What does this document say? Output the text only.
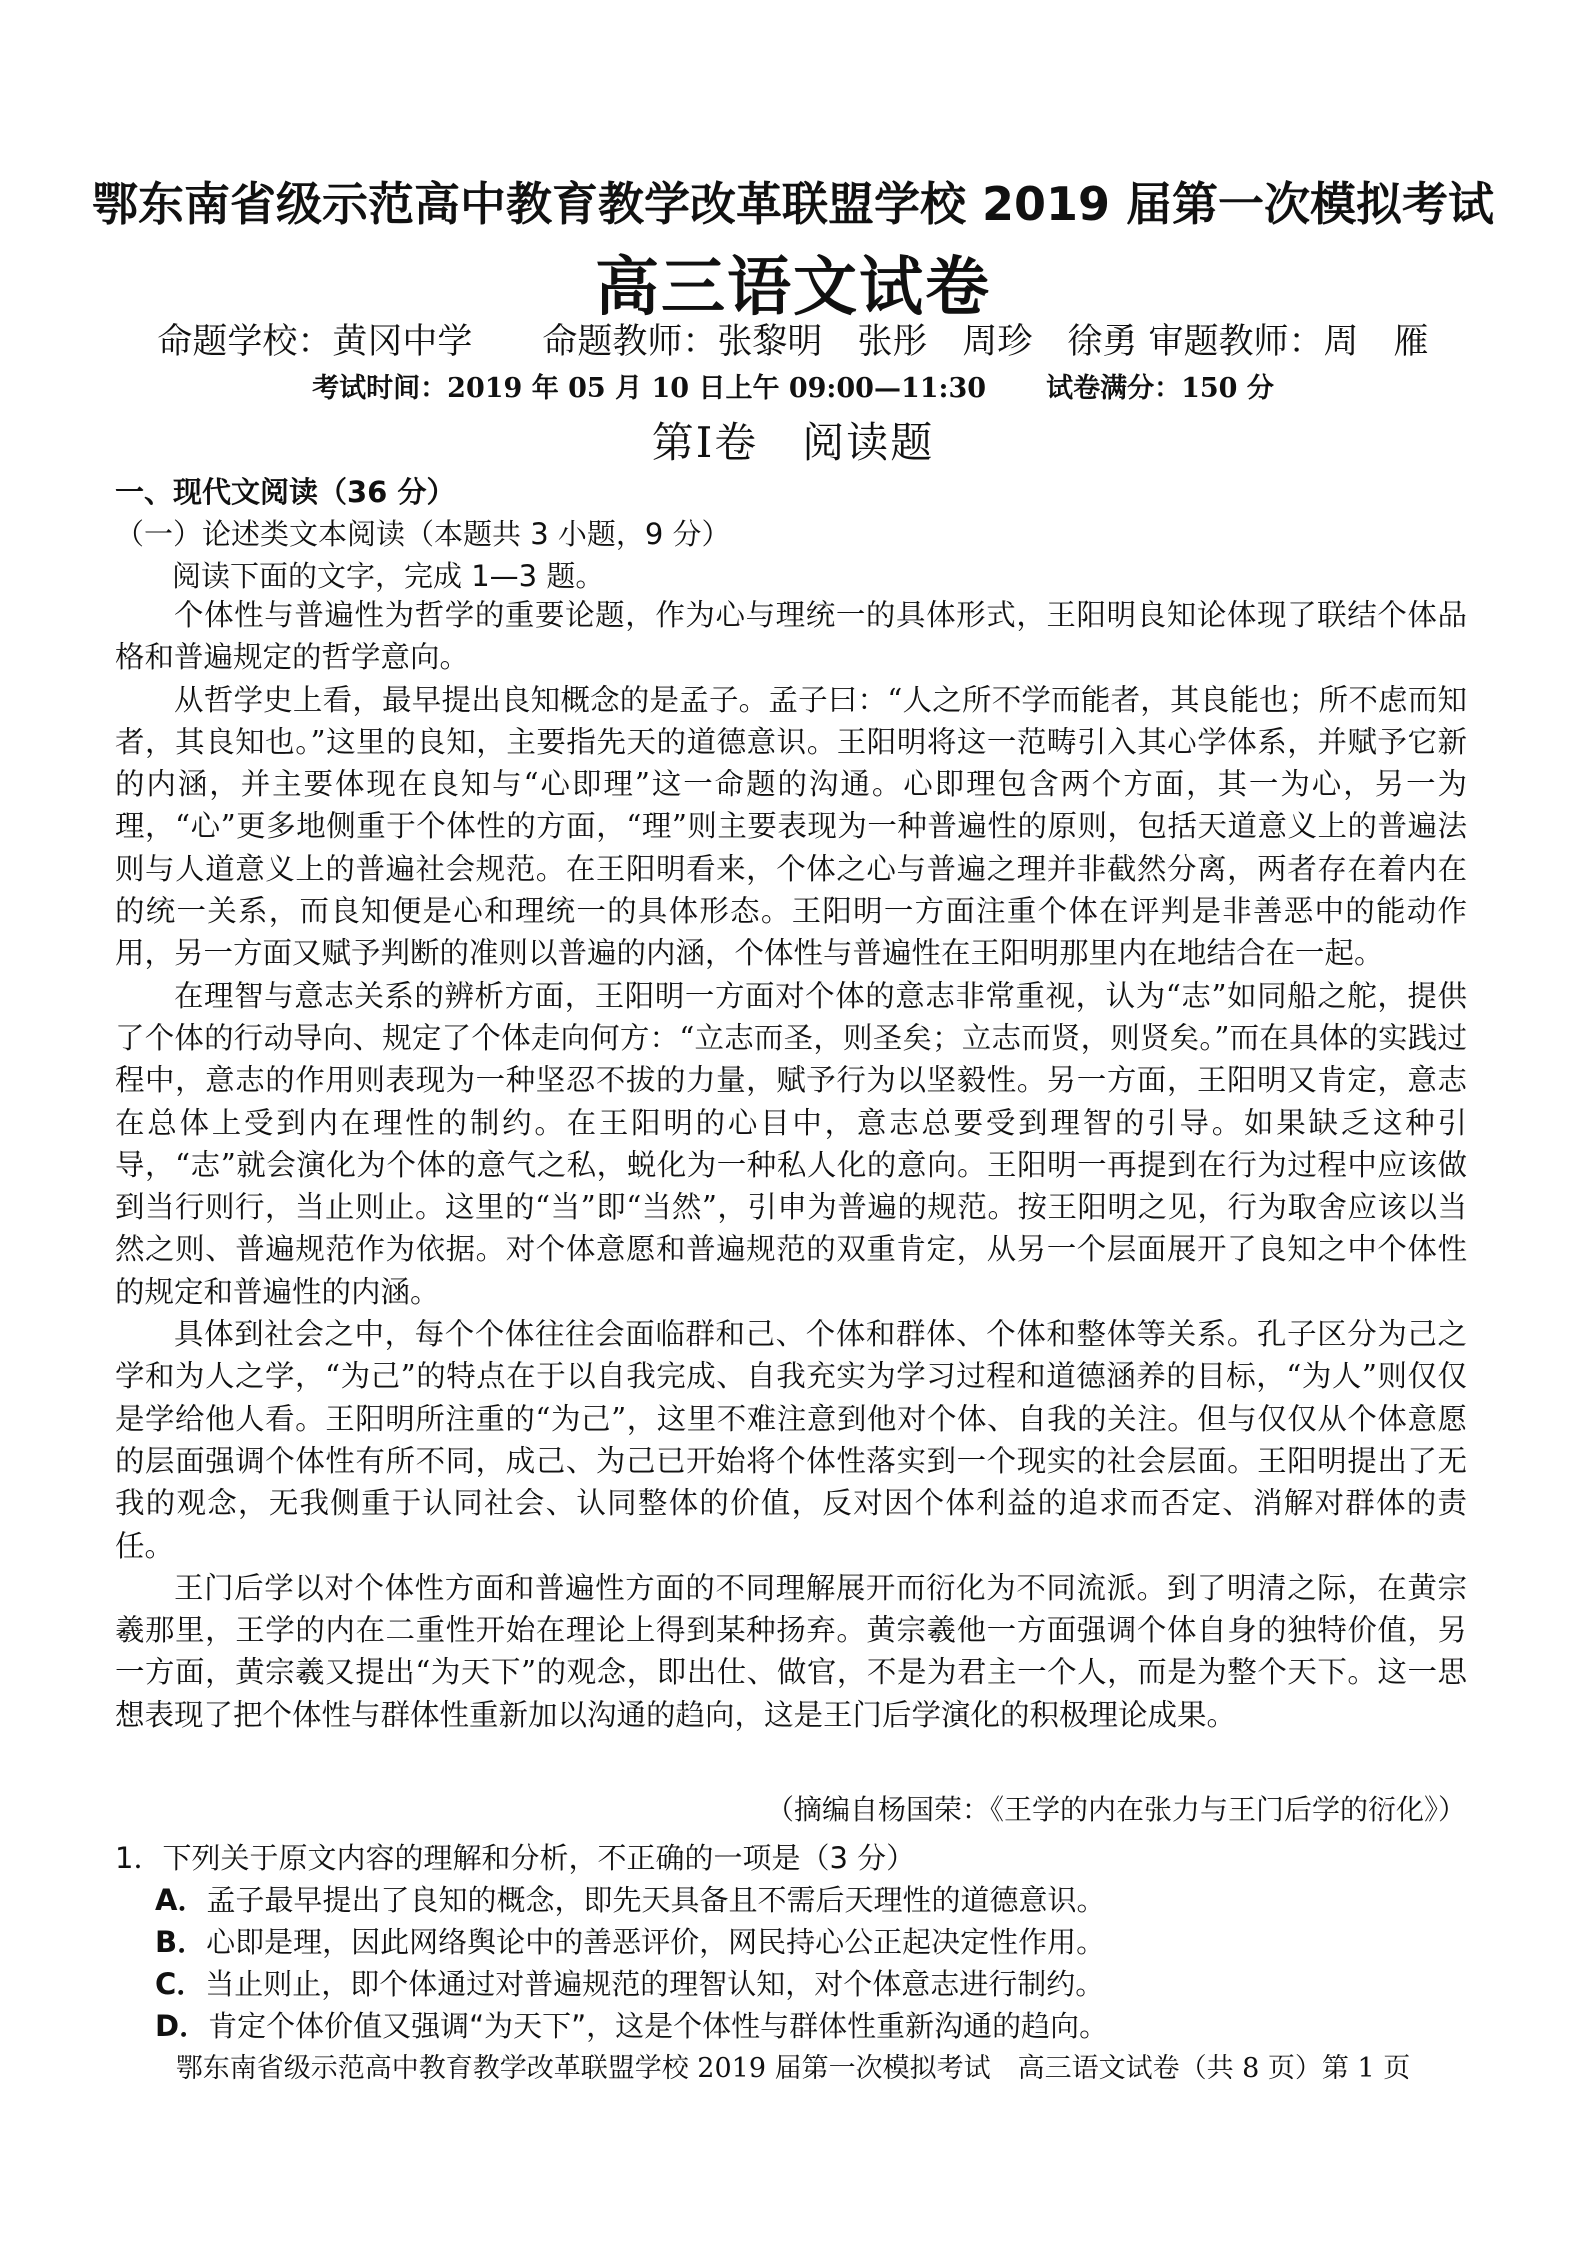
鄂东南省级示范高中教育教学改革联盟学校 2019 届第一次模拟考试
高三语文试卷
命题学校：黄冈中学　　命题教师：张黎明　张彤　周珍　徐勇 审题教师：周　雁
考试时间：2019 年 05 月 10 日上午 09:00—11:30 试卷满分：150 分
第Ⅰ卷　阅读题
一、现代文阅读（36 分）
（一）论述类文本阅读（本题共 3 小题，9 分）
阅读下面的文字，完成 1—3 题。

个体性与普遍性为哲学的重要论题，作为心与理统一的具体形式，王阳明良知论体现了联结个体品格和普遍规定的哲学意向。

从哲学史上看，最早提出良知概念的是孟子。孟子曰：“人之所不学而能者，其良能也；所不虑而知者，其良知也。”这里的良知，主要指先天的道德意识。王阳明将这一范畴引入其心学体系，并赋予它新的内涵，并主要体现在良知与“心即理”这一命题的沟通。心即理包含两个方面，其一为心，另一为理，“心”更多地侧重于个体性的方面，“理”则主要表现为一种普遍性的原则，包括天道意义上的普遍法则与人道意义上的普遍社会规范。在王阳明看来，个体之心与普遍之理并非截然分离，两者存在着内在的统一关系，而良知便是心和理统一的具体形态。王阳明一方面注重个体在评判是非善恶中的能动作用，另一方面又赋予判断的准则以普遍的内涵，个体性与普遍性在王阳明那里内在地结合在一起。

在理智与意志关系的辨析方面，王阳明一方面对个体的意志非常重视，认为“志”如同船之舵，提供了个体的行动导向、规定了个体走向何方：“立志而圣，则圣矣；立志而贤，则贤矣。”而在具体的实践过程中，意志的作用则表现为一种坚忍不拔的力量，赋予行为以坚毅性。另一方面，王阳明又肯定，意志在总体上受到内在理性的制约。在王阳明的心目中，意志总要受到理智的引导。如果缺乏这种引导，“志”就会演化为个体的意气之私，蜕化为一种私人化的意向。王阳明一再提到在行为过程中应该做到当行则行，当止则止。这里的“当”即“当然”，引申为普遍的规范。按王阳明之见，行为取舍应该以当然之则、普遍规范作为依据。对个体意愿和普遍规范的双重肯定，从另一个层面展开了良知之中个体性的规定和普遍性的内涵。

具体到社会之中，每个个体往往会面临群和己、个体和群体、个体和整体等关系。孔子区分为己之学和为人之学，“为己”的特点在于以自我完成、自我充实为学习过程和道德涵养的目标，“为人”则仅仅是学给他人看。王阳明所注重的“为己”，这里不难注意到他对个体、自我的关注。但与仅仅从个体意愿的层面强调个体性有所不同，成己、为己已开始将个体性落实到一个现实的社会层面。王阳明提出了无我的观念，无我侧重于认同社会、认同整体的价值，反对因个体利益的追求而否定、消解对群体的责任。

王门后学以对个体性方面和普遍性方面的不同理解展开而衍化为不同流派。到了明清之际，在黄宗羲那里，王学的内在二重性开始在理论上得到某种扬弃。黄宗羲他一方面强调个体自身的独特价值，另一方面，黄宗羲又提出“为天下”的观念，即出仕、做官，不是为君主一个人，而是为整个天下。这一思想表现了把个体性与群体性重新加以沟通的趋向，这是王门后学演化的积极理论成果。

（摘编自杨国荣：《王学的内在张力与王门后学的衍化》）
1．下列关于原文内容的理解和分析，不正确的一项是（3 分）
A．孟子最早提出了良知的概念，即先天具备且不需后天理性的道德意识。
B．心即是理，因此网络舆论中的善恶评价，网民持心公正起决定性作用。
C．当止则止，即个体通过对普遍规范的理智认知，对个体意志进行制约。
D．肯定个体价值又强调“为天下”，这是个体性与群体性重新沟通的趋向。
鄂东南省级示范高中教育教学改革联盟学校 2019 届第一次模拟考试　高三语文试卷（共 8 页）第 1 页
